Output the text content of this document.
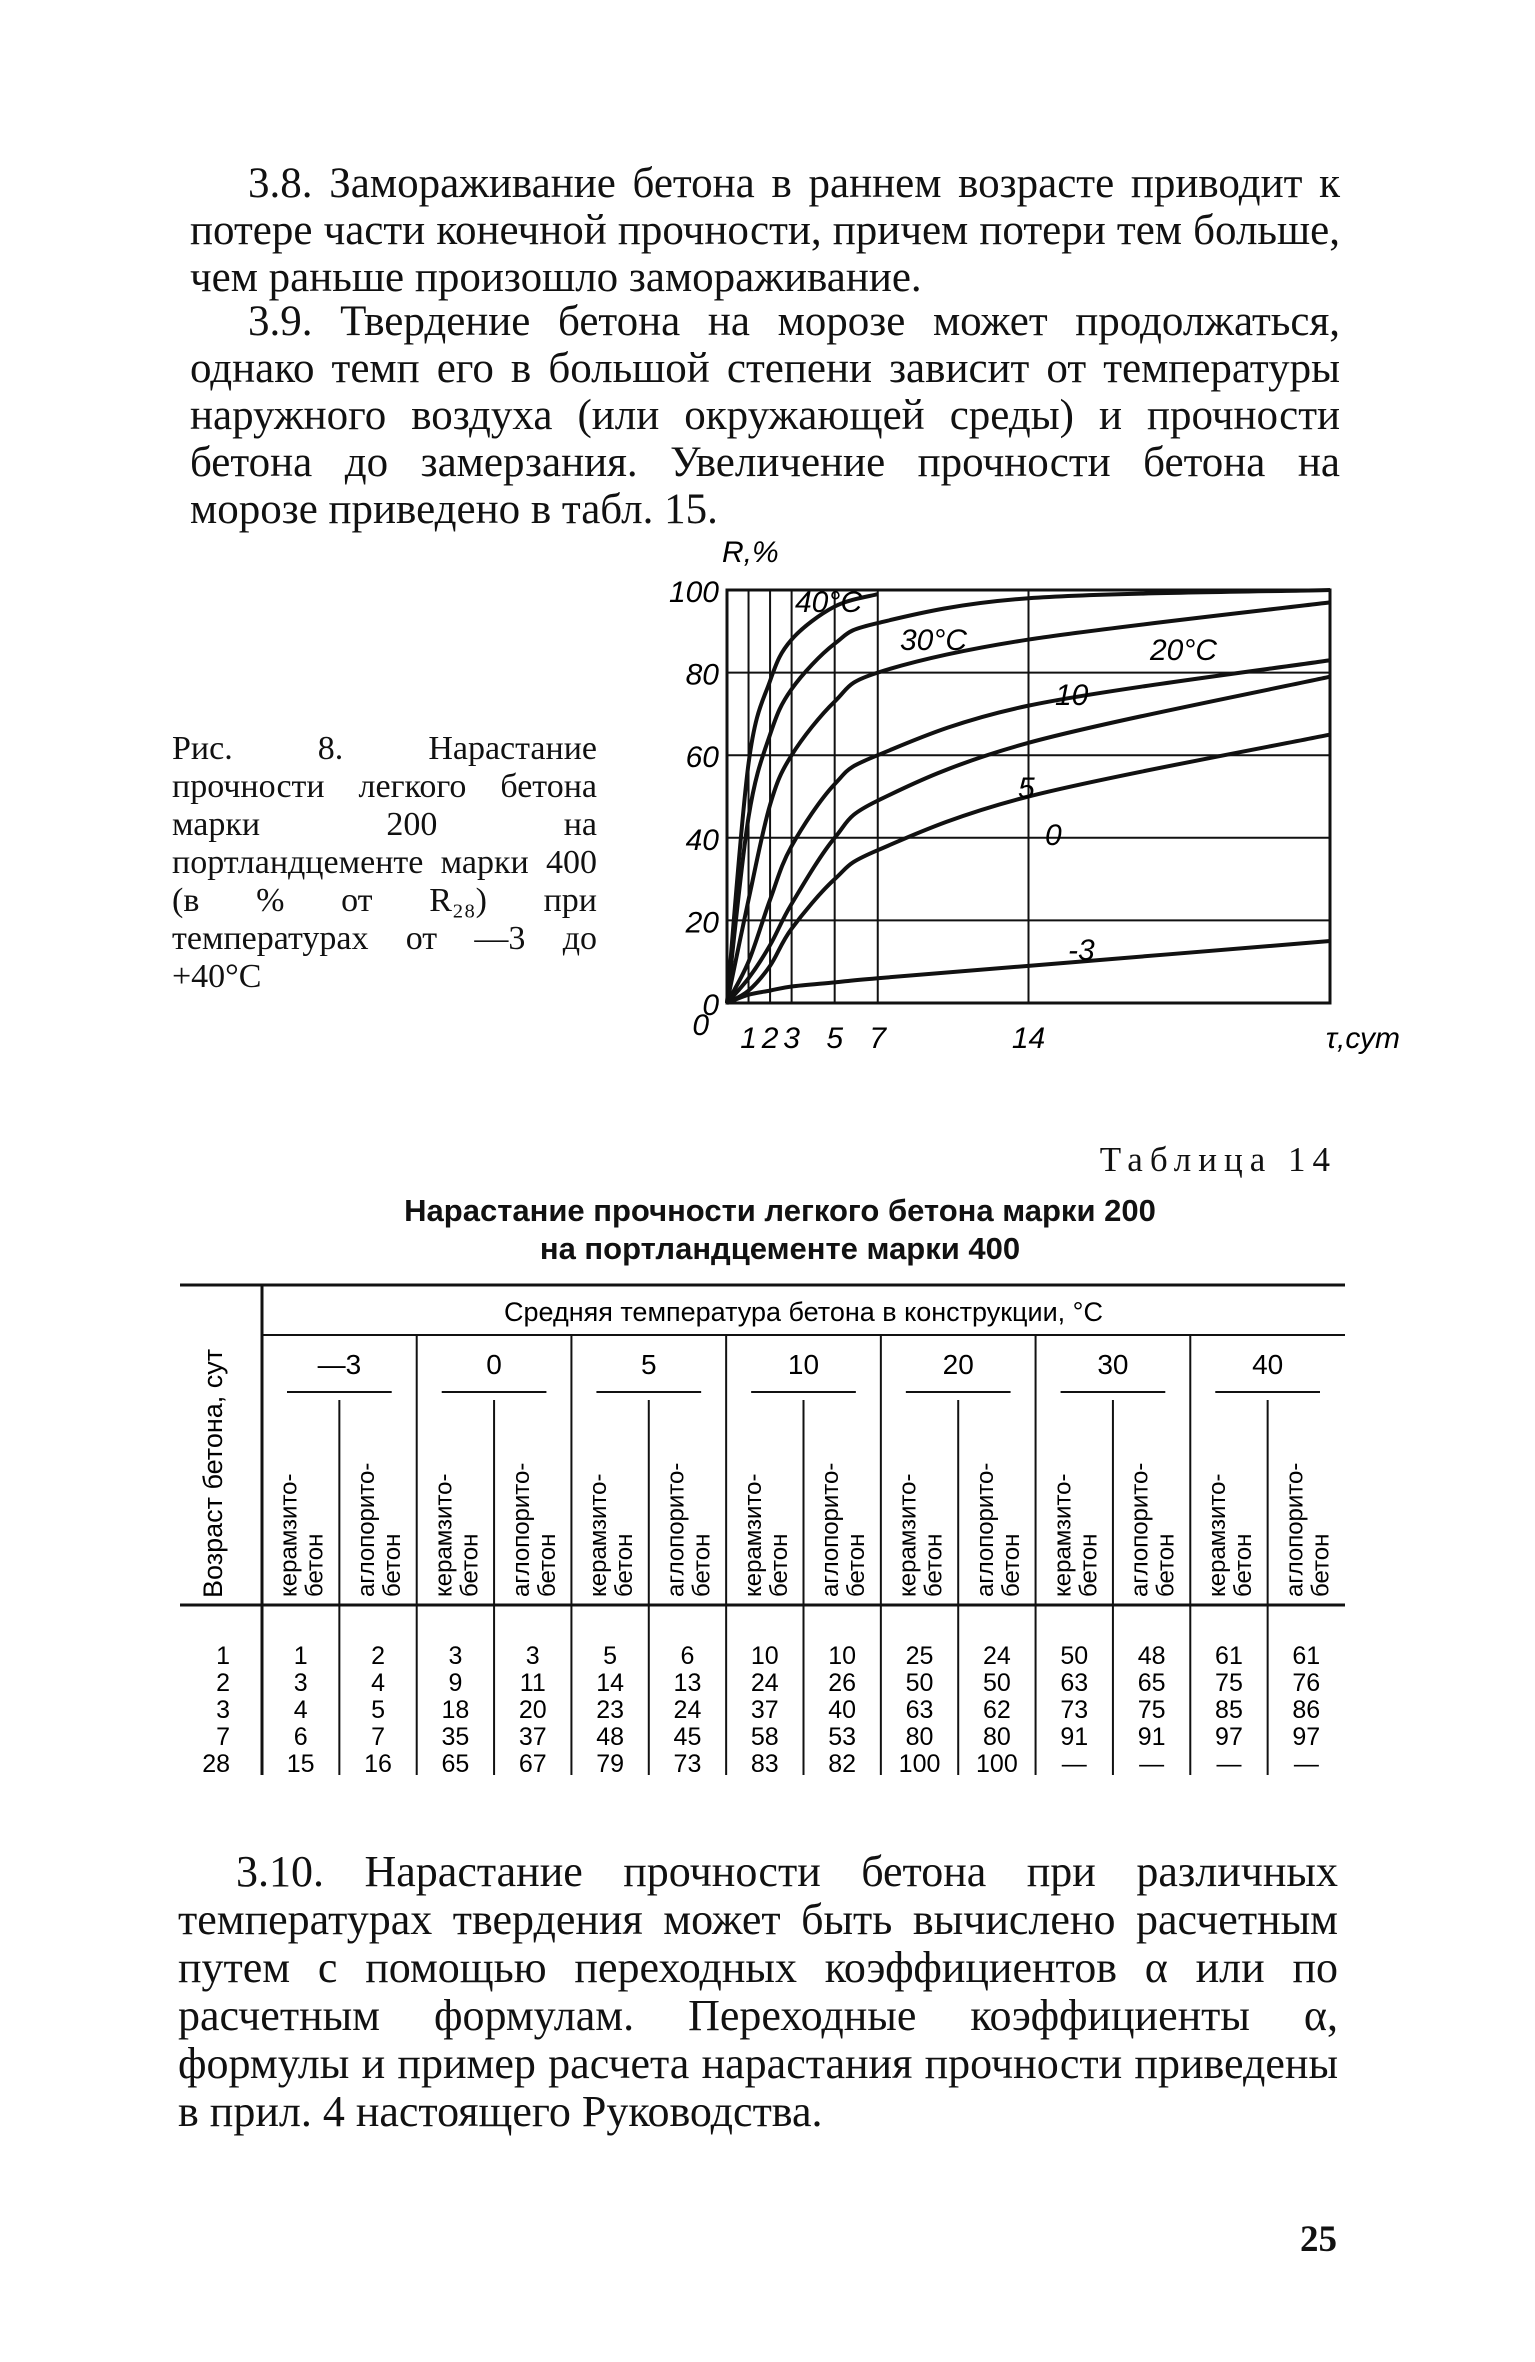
3.8. Замораживание бетона в раннем возрасте приводит к потере части конечной прочности, причем потери тем больше, чем раньше произошло замораживание.

3.9. Твердение бетона на морозе может продолжаться, однако темп его в большой степени зависит от температуры наружного воздуха (или окружающей среды) и прочности бетона до замерзания. Увеличение прочности бетона на морозе приведено в табл. 15.

Рис. 8. Нарастание прочности легкого бетона марки 200 на портландцементе марки 400 (в % от R₂₈) при температурах от —3 до +40°С
0
20
40
60
80
100
1 2 3 5 7	14
0
R,%
τ,сут
40°С
30°С	20°С
10
5
0
-3
Таблица 14
Нарастание прочности легкого бетона марки 200
на портландцементе марки 400
Возраст бетона, сут
Средняя температура бетона в конструкции, °С
—3
керамзито- бетон аглопорито- бетон
0
керамзито- бетон аглопорито- бетон
5
керамзито- бетон аглопорито- бетон
10
керамзито- бетон аглопорито- бетон
20
керамзито- бетон аглопорито- бетон
30
керамзито- бетон аглопорито- бетон
40
керамзито- бетон аглопорито- бетон
1
2
3
7
28
1
3
4
6
15
2
4
5
7
16
3
9
18
35
65
3
11
20
37
67
5
14
23
48
79
6
13
24
45
73
10
24
37
58
83
10
26
40
53
82
25
50
63
80
100
24
50
62
80
100
50
63
73
91
—
48
65
75
91
—
61
75
85
97
—
61
76
86
97
—

3.10. Нарастание прочности бетона при различных температурах твердения может быть вычислено расчетным путем с помощью переходных коэффициентов α или по расчетным формулам. Переходные коэффициенты α, формулы и пример расчета нарастания прочности приведены в прил. 4 настоящего Руководства.

25
